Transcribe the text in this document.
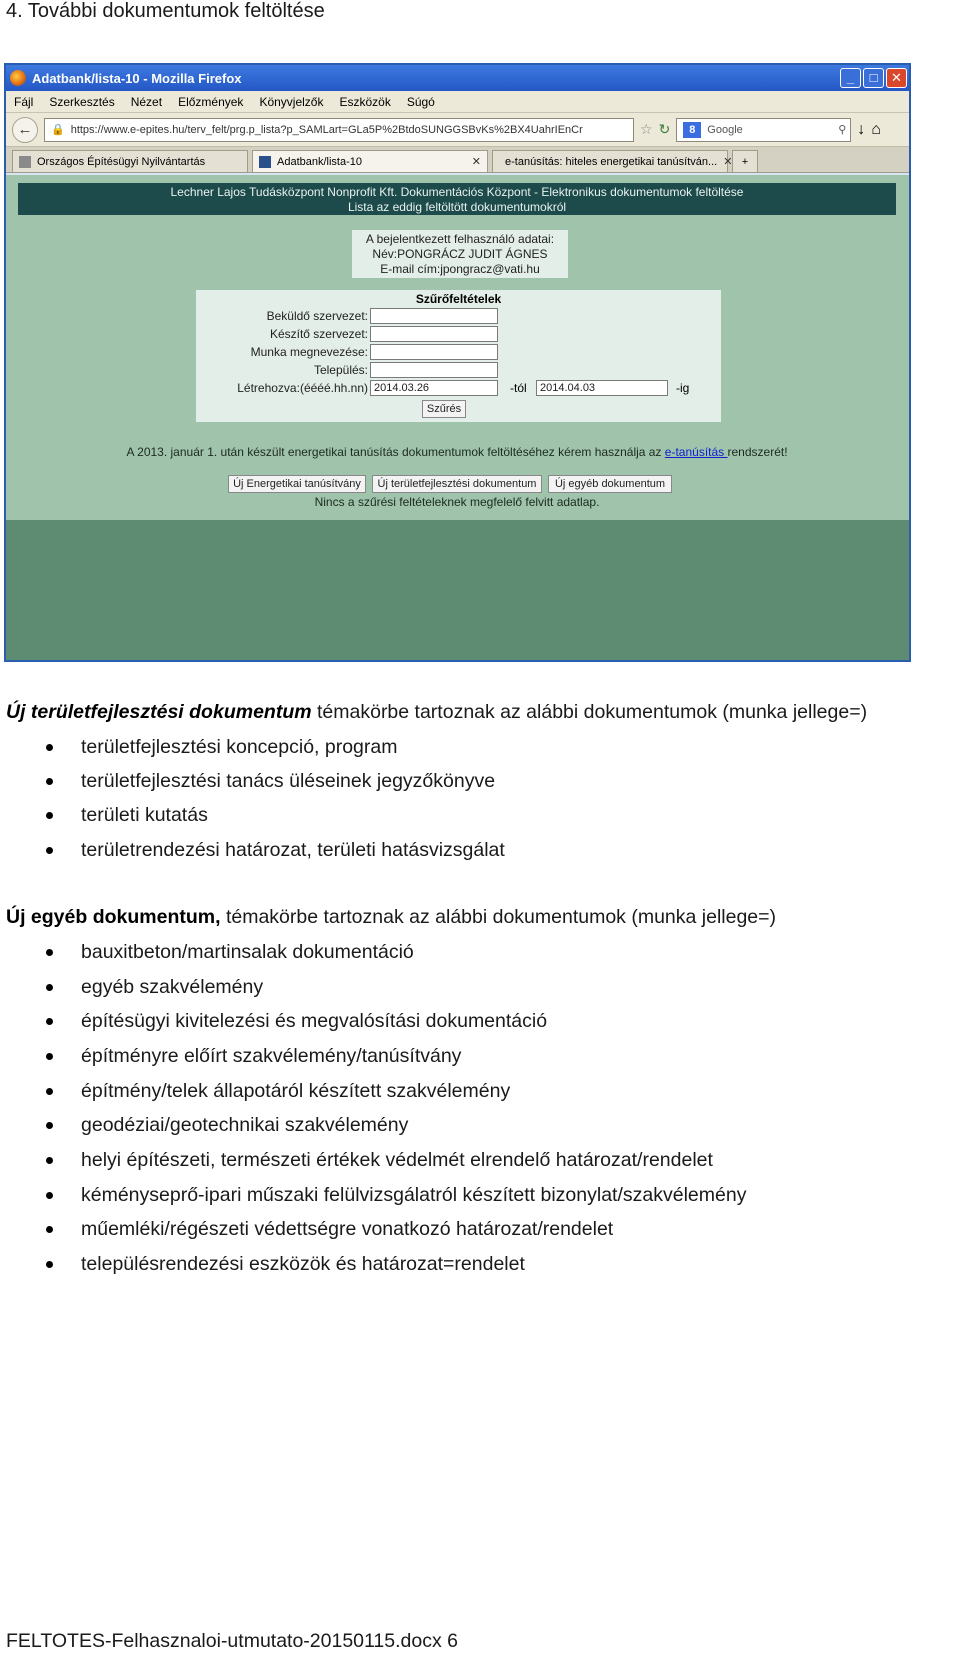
4. További dokumentumok feltöltése
Adatbank/lista-10 - Mozilla Firefox	_	□	✕
Fájl Szerkesztés Nézet Előzmények Könyvjelzők Eszközök Súgó
←	🔒 https://www.e-epites.hu/terv_felt/prg.p_lista?p_SAMLart=GLa5P%2BtdoSUNGGSBvKs%2BX4UahrIEnCr	☆ ↻	8	Google	⚲ ↓ ⌂
Országos Építésügyi Nyilvántartás	Adatbank/lista-10	✕ e-tanúsítás: hiteles energetikai tanúsítván... ✕ +
Lechner Lajos Tudásközpont Nonprofit Kft. Dokumentációs Központ - Elektronikus dokumentumok feltöltése
Lista az eddig feltöltött dokumentumokról
A bejelentkezett felhasználó adatai:
Név:PONGRÁCZ JUDIT ÁGNES
E-mail cím:jpongracz@vati.hu
Szűrőfeltételek
Beküldő szervezet:
Készítő szervezet:
Munka megnevezése:
Település:
Létrehozva:(éééé.hh.nn) 2014.03.26	-tól	2014.04.03	-ig
Szűrés
A 2013. január 1. után készült energetikai tanúsítás dokumentumok feltöltéséhez kérem használja az e-tanúsítás rendszerét!
Új Energetikai tanúsítvány	Új területfejlesztési dokumentum	Új egyéb dokumentum
Nincs a szűrési feltételeknek megfelelő felvitt adatlap.
⋱
Új területfejlesztési dokumentum témakörbe tartoznak az alábbi dokumentumok (munka jellege=)
területfejlesztési koncepció, program
területfejlesztési tanács üléseinek jegyzőkönyve
területi kutatás
területrendezési határozat, területi hatásvizsgálat
Új egyéb dokumentum, témakörbe tartoznak az alábbi dokumentumok (munka jellege=)
bauxitbeton/martinsalak dokumentáció
egyéb szakvélemény
építésügyi kivitelezési és megvalósítási dokumentáció
építményre előírt szakvélemény/tanúsítvány
építmény/telek állapotáról készített szakvélemény
geodéziai/geotechnikai szakvélemény
helyi építészeti, természeti értékek védelmét elrendelő határozat/rendelet
kéményseprő-ipari műszaki felülvizsgálatról készített bizonylat/szakvélemény
műemléki/régészeti védettségre vonatkozó határozat/rendelet
településrendezési eszközök és határozat=rendelet
FELTOTES-Felhasznaloi-utmutato-20150115.docx 6
